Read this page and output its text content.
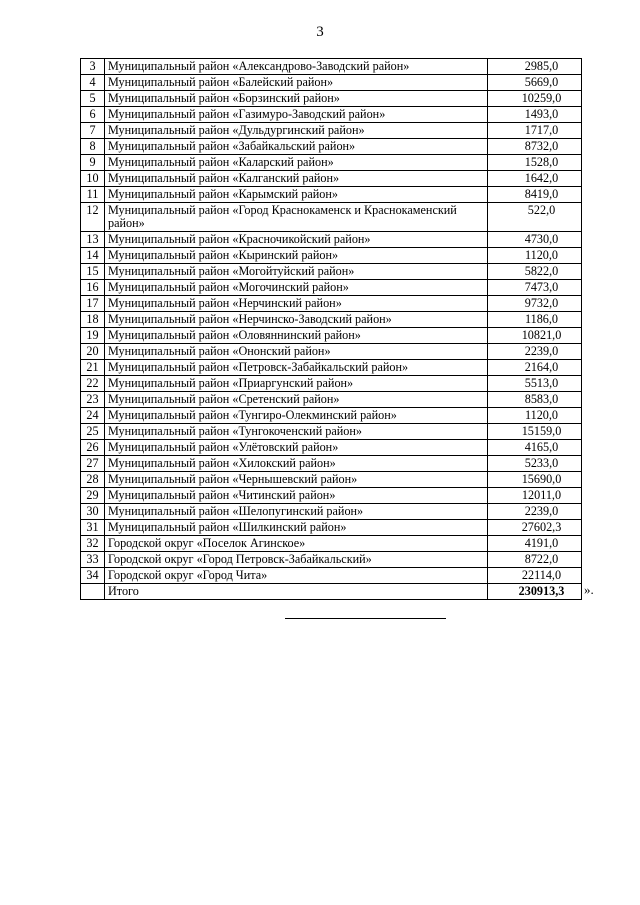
3
3	Муниципальный район «Александрово-Заводский район»	2985,0
4	Муниципальный район «Балейский район»	5669,0
5	Муниципальный район «Борзинский район»	10259,0
6	Муниципальный район «Газимуро-Заводский район»	1493,0
7	Муниципальный район «Дульдургинский район»	1717,0
8	Муниципальный район «Забайкальский район»	8732,0
9	Муниципальный район «Каларский район»	1528,0
10	Муниципальный район «Калганский район»	1642,0
11	Муниципальный район «Карымский район»	8419,0
12	Муниципальный район «Город Краснокаменск и Краснокаменский район»	522,0
13	Муниципальный район «Красночикойский район»	4730,0
14	Муниципальный район «Кыринский район»	1120,0
15	Муниципальный район «Могойтуйский район»	5822,0
16	Муниципальный район «Могочинский район»	7473,0
17	Муниципальный район «Нерчинский район»	9732,0
18	Муниципальный район «Нерчинско-Заводский район»	1186,0
19	Муниципальный район «Оловяннинский район»	10821,0
20	Муниципальный район «Ононский район»	2239,0
21	Муниципальный район «Петровск-Забайкальский район»	2164,0
22	Муниципальный район «Приаргунский район»	5513,0
23	Муниципальный район «Сретенский район»	8583,0
24	Муниципальный район «Тунгиро-Олекминский район»	1120,0
25	Муниципальный район «Тунгокоченский район»	15159,0
26	Муниципальный район «Улётовский район»	4165,0
27	Муниципальный район «Хилокский район»	5233,0
28	Муниципальный район «Чернышевский район»	15690,0
29	Муниципальный район «Читинский район»	12011,0
30	Муниципальный район «Шелопугинский район»	2239,0
31	Муниципальный район «Шилкинский район»	27602,3
32	Городской округ «Поселок Агинское»	4191,0
33	Городской округ «Город Петровск-Забайкальский»	8722,0
34	Городской округ «Город Чита»	22114,0
	Итого	230913,3 ».
